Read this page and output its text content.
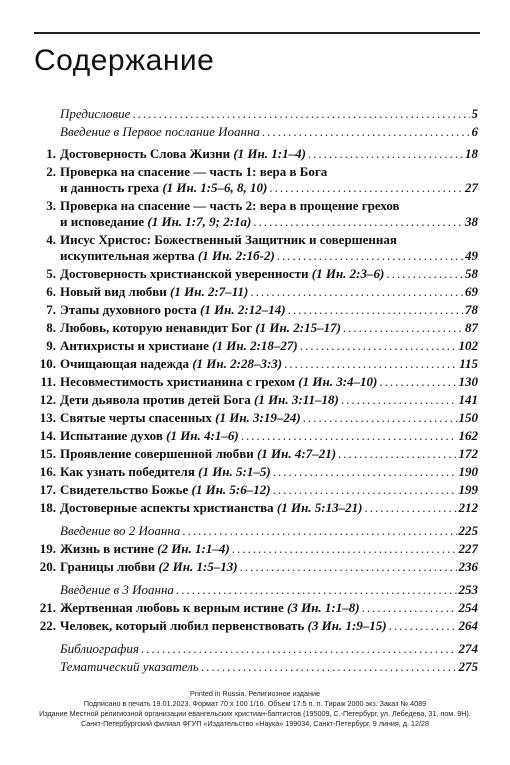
Содержание
Предисловие .....	5
Введение в Первое послание Иоанна .....	6
1. Достоверность Слова Жизни
(1 Ин. 1:1–4) .....	18
2. Проверка на спасение — часть 1: вера в Бога
и данность греха
(1 Ин. 1:5–6, 8, 10) .....	27
3. Проверка на спасение — часть 2: вера в прощение грехов
и исповедание
(1 Ин. 1:7, 9; 2:1а) .....	38
4. Иисус Христос: Божественный Защитник и совершенная
искупительная жертва
(1 Ин. 2:1б-2) .....	49
5. Достоверность христианской уверенности
(1 Ин. 2:3–6) .....	58
6. Новый вид любви
(1 Ин. 2:7–11) .....	69
7. Этапы духовного роста
(1 Ин. 2:12–14) .....	78
8. Любовь, которую ненавидит Бог
(1 Ин. 2:15–17) .....	87
9. Антихристы и христиане
(1 Ин. 2:18–27) .....	102
10. Очищающая надежда
(1 Ин. 2:28–3:3) .....	115
11. Несовместимость христианина с грехом
(1 Ин. 3:4–10) .....	130
12. Дети дьявола против детей Бога
(1 Ин. 3:11–18) .....	141
13. Святые черты спасенных
(1 Ин. 3:19–24) .....	150
14. Испытание духов
(1 Ин. 4:1–6) .....	162
15. Проявление совершенной любви
(1 Ин. 4:7–21) .....	172
16. Как узнать победителя
(1 Ин. 5:1–5) .....	190
17. Свидетельство Божье
(1 Ин. 5:6–12) .....	199
18. Достоверные аспекты христианства
(1 Ин. 5:13–21) .....	212
Введение во 2 Иоанна .....	225
19. Жизнь в истине
(2 Ин. 1:1–4) .....	227
20. Границы любви
(2 Ин. 1:5–13) .....	236
Введение в 3 Иоанна .....	253
21. Жертвенная любовь к верным истине
(3 Ин. 1:1–8) .....	254
22. Человек, который любил первенствовать
(3 Ин. 1:9–15) .....	264
Библиография .....	274
Тематический указатель .....	275
Printed in Russia. Религиозное издание
Подписано в печать 19.01.2023. Формат 70 x 100 1/16. Объем 17.5 п. л. Тираж 2000 экз. Заказ № 4089
Издание Местной религиозной организации евангельских христиан-баптистов (195009, С.-Петербург, ул. Лебедева, 31, пом. 9Н).
Санкт-Петербургский филиал ФГУП «Издательство «Наука» 199034, Санкт-Петербург, 9 линия, д. 12/28
